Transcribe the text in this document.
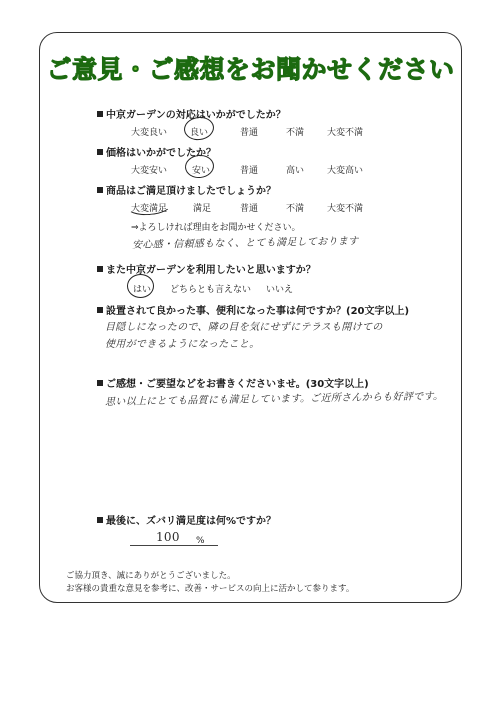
ご意見・ご感想をお聞かせください
中京ガーデンの対応はいかがでしたか？
大変良い	良い	普通	不満	大変不満
価格はいかがでしたか？
大変安い	安い	普通	高い	大変高い
商品はご満足頂けましたでしょうか？
大変満足	満足	普通	不満	大変不満
⇒よろしければ理由をお聞かせください。
安心感・信頼感もなく、とても満足しております
また中京ガーデンを利用したいと思いますか？
はい どちらとも言えない いいえ
設置されて良かった事、便利になった事は何ですか？(20文字以上)
目隠しになったので、隣の目を気にせずにテラスも開けての
使用ができるようになったこと。
ご感想・ご要望などをお書きくださいませ。(30文字以上)
思い以上にとても品質にも満足しています。ご近所さんからも好評です。
最後に、ズバリ満足度は何%ですか？
100 %
ご協力頂き、誠にありがとうございました。
お客様の貴重な意見を参考に、改善・サービスの向上に活かして参ります。
